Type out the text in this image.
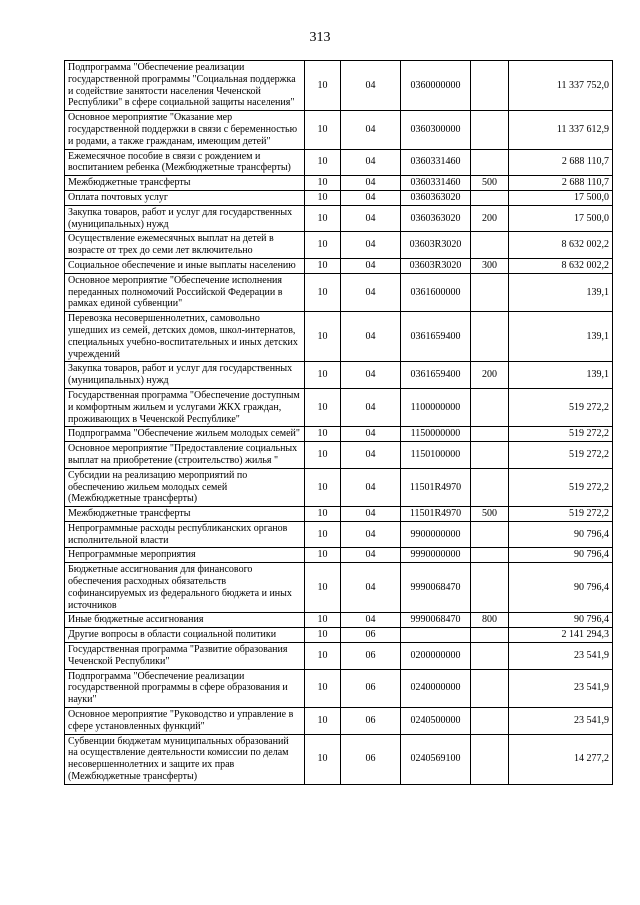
313
Подпрограмма "Обеспечение реализации государственной программы "Социальная поддержка и содействие занятости населения Чеченской Республики" в сфере социальной защиты населения"	10	04	0360000000		11 337 752,0
Основное мероприятие "Оказание мер государственной поддержки в связи с беременностью и родами, а также гражданам, имеющим детей"	10	04	0360300000		11 337 612,9
Ежемесячное пособие в связи с рождением и воспитанием ребенка (Межбюджетные трансферты)	10	04	0360331460		2 688 110,7
Межбюджетные трансферты	10	04	0360331460	500	2 688 110,7
Оплата почтовых услуг	10	04	0360363020		17 500,0
Закупка товаров, работ и услуг для государственных (муниципальных) нужд	10	04	0360363020	200	17 500,0
Осуществление ежемесячных выплат на детей в возрасте от трех до семи лет включительно	10	04	03603R3020		8 632 002,2
Социальное обеспечение и иные выплаты населению	10	04	03603R3020	300	8 632 002,2
Основное мероприятие "Обеспечение исполнения переданных полномочий Российской Федерации в рамках единой субвенции"	10	04	0361600000		139,1
Перевозка несовершеннолетних, самовольно ушедших из семей, детских домов, школ-интернатов, специальных учебно-воспитательных и иных детских учреждений	10	04	0361659400		139,1
Закупка товаров, работ и услуг для государственных (муниципальных) нужд	10	04	0361659400	200	139,1
Государственная программа "Обеспечение доступным и комфортным жильем и услугами ЖКХ граждан, проживающих в Чеченской Республике"	10	04	1100000000		519 272,2
Подпрограмма "Обеспечение жильем молодых семей"	10	04	1150000000		519 272,2
Основное мероприятие "Предоставление социальных выплат на приобретение (строительство) жилья "	10	04	1150100000		519 272,2
Субсидии на реализацию мероприятий по обеспечению жильем молодых семей (Межбюджетные трансферты)	10	04	11501R4970		519 272,2
Межбюджетные трансферты	10	04	11501R4970	500	519 272,2
Непрограммные расходы республиканских органов исполнительной власти	10	04	9900000000		90 796,4
Непрограммные мероприятия	10	04	9990000000		90 796,4
Бюджетные ассигнования для финансового обеспечения расходных обязательств софинансируемых из федерального бюджета и иных источников	10	04	9990068470		90 796,4
Иные бюджетные ассигнования	10	04	9990068470	800	90 796,4
Другие вопросы в области социальной политики	10	06			2 141 294,3
Государственная программа "Развитие образования Чеченской Республики"	10	06	0200000000		23 541,9
Подпрограмма "Обеспечение реализации государственной программы в сфере образования и науки"	10	06	0240000000		23 541,9
Основное мероприятие "Руководство и управление в сфере установленных функций"	10	06	0240500000		23 541,9
Субвенции бюджетам муниципальных образований на осуществление деятельности комиссии по делам несовершеннолетних и защите их прав (Межбюджетные трансферты)	10	06	0240569100		14 277,2
